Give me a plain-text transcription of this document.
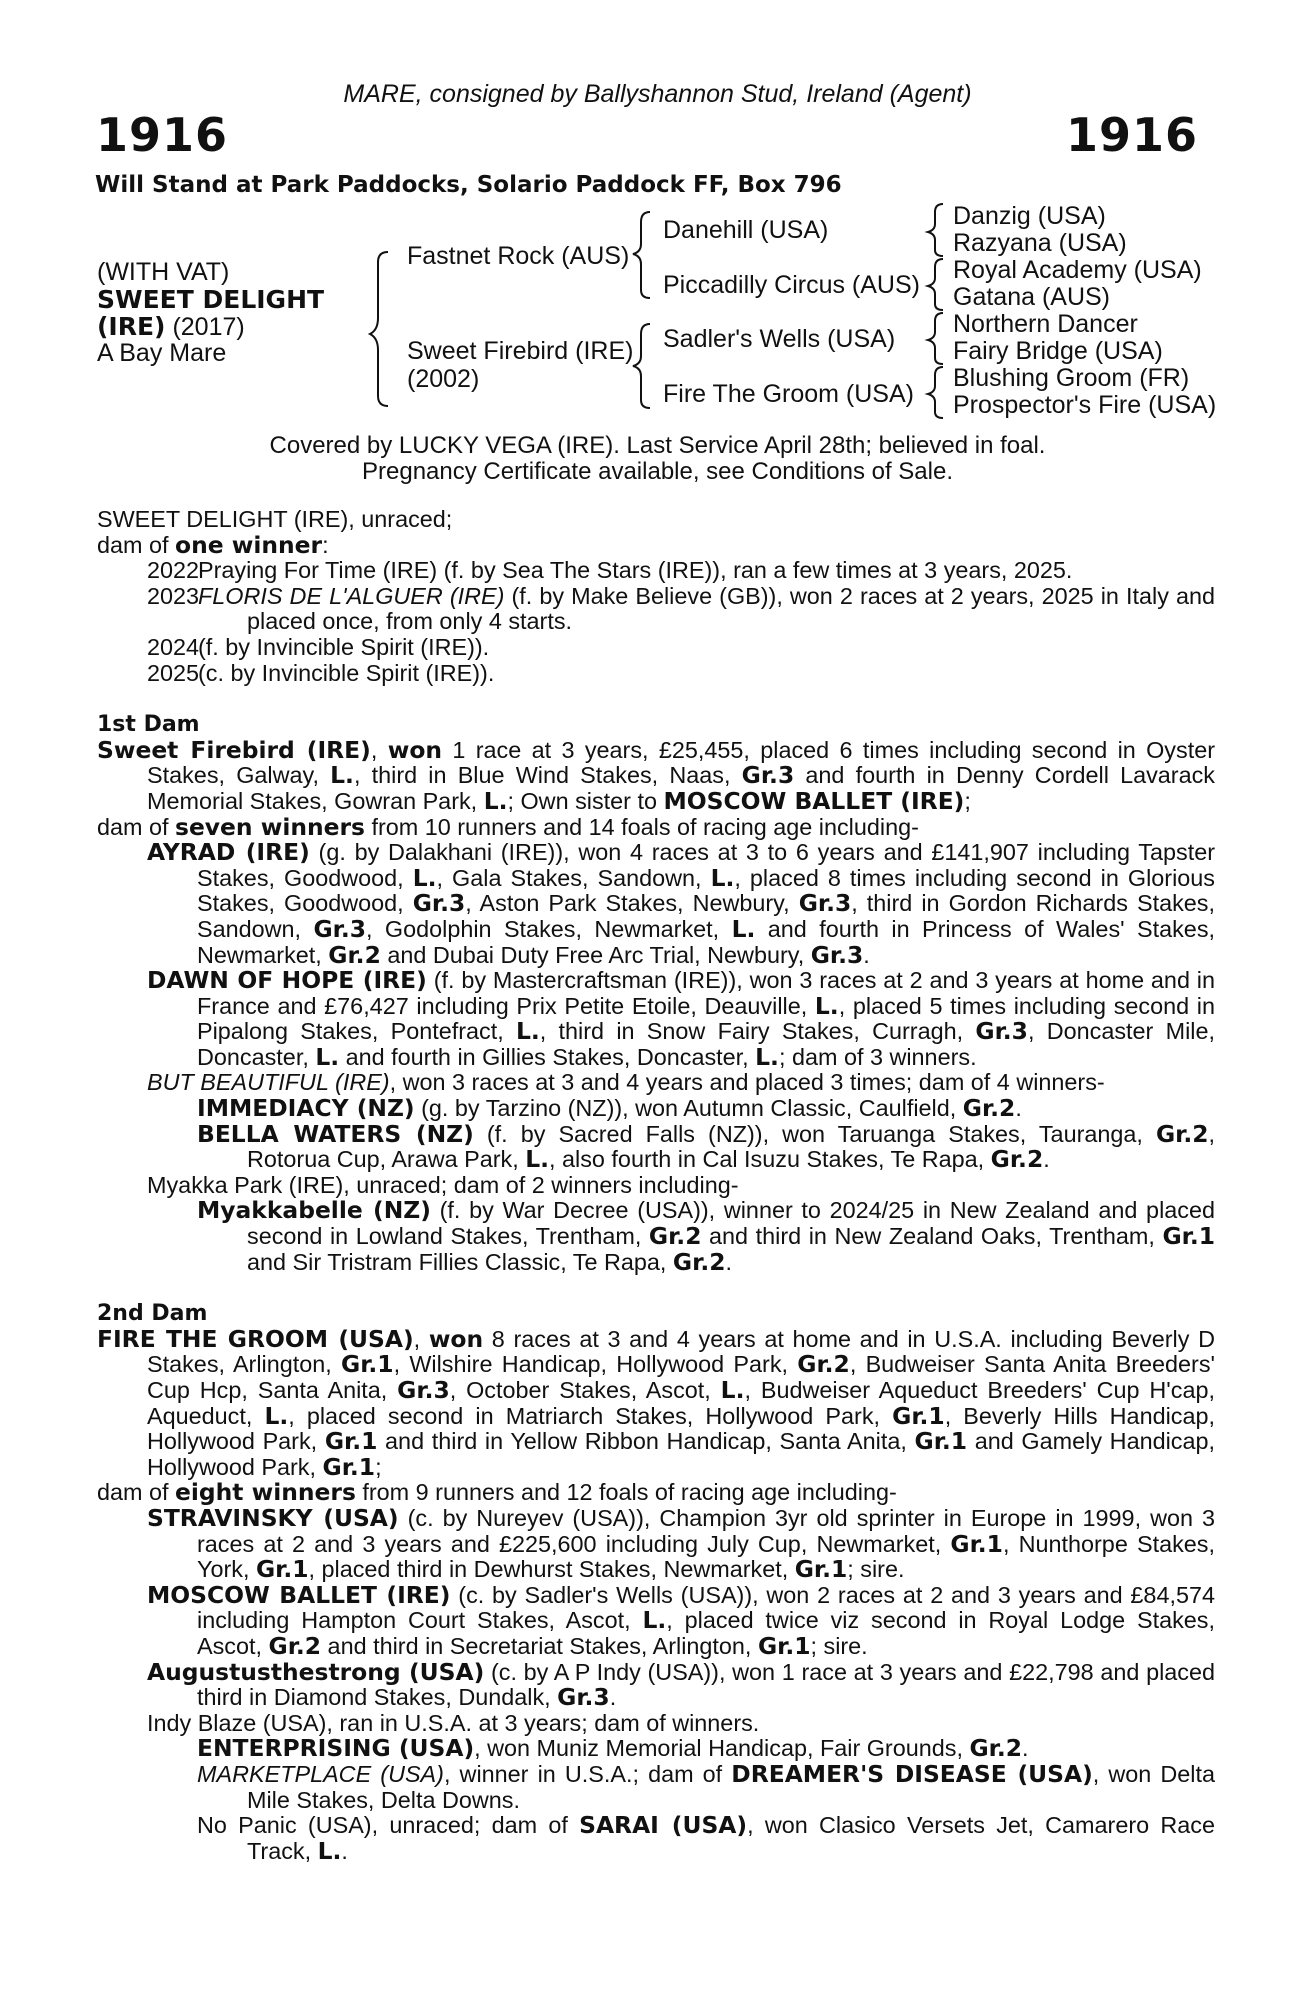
MARE, consigned by Ballyshannon Stud, Ireland (Agent)
1916	1916
Will Stand at Park Paddocks, Solario Paddock FF, Box 796
(WITH VAT)
SWEET DELIGHT
(IRE) (2017)
A Bay Mare
Fastnet Rock (AUS)
Sweet Firebird (IRE)
(2002)
Danehill (USA)
Piccadilly Circus (AUS)
Sadler's Wells (USA)
Fire The Groom (USA)
Danzig (USA)
Razyana (USA)
Royal Academy (USA)
Gatana (AUS)
Northern Dancer
Fairy Bridge (USA)
Blushing Groom (FR)
Prospector's Fire (USA)
Covered by LUCKY VEGA (IRE). Last Service April 28th; believed in foal.
Pregnancy Certificate available, see Conditions of Sale.

SWEET DELIGHT (IRE), unraced;

dam of one winner:

2022Praying For Time (IRE) (f. by Sea The Stars (IRE)), ran a few times at 3 years, 2025.

2023FLORIS DE L'ALGUER (IRE) (f. by Make Believe (GB)), won 2 races at 2 years, 2025 in Italy and placed once, from only 4 starts.

2024(f. by Invincible Spirit (IRE)).

2025(c. by Invincible Spirit (IRE)).

1st Dam

Sweet Firebird (IRE), won 1 race at 3 years, £25,455, placed 6 times including second in Oyster Stakes, Galway, L., third in Blue Wind Stakes, Naas, Gr.3 and fourth in Denny Cordell Lavarack Memorial Stakes, Gowran Park, L.; Own sister to MOSCOW BALLET (IRE);

dam of seven winners from 10 runners and 14 foals of racing age including-

AYRAD (IRE) (g. by Dalakhani (IRE)), won 4 races at 3 to 6 years and £141,907 including Tapster Stakes, Goodwood, L., Gala Stakes, Sandown, L., placed 8 times including second in Glorious Stakes, Goodwood, Gr.3, Aston Park Stakes, Newbury, Gr.3, third in Gordon Richards Stakes, Sandown, Gr.3, Godolphin Stakes, Newmarket, L. and fourth in Princess of Wales' Stakes, Newmarket, Gr.2 and Dubai Duty Free Arc Trial, Newbury, Gr.3.

DAWN OF HOPE (IRE) (f. by Mastercraftsman (IRE)), won 3 races at 2 and 3 years at home and in France and £76,427 including Prix Petite Etoile, Deauville, L., placed 5 times including second in Pipalong Stakes, Pontefract, L., third in Snow Fairy Stakes, Curragh, Gr.3, Doncaster Mile, Doncaster, L. and fourth in Gillies Stakes, Doncaster, L.; dam of 3 winners.

BUT BEAUTIFUL (IRE), won 3 races at 3 and 4 years and placed 3 times; dam of 4 winners-

IMMEDIACY (NZ) (g. by Tarzino (NZ)), won Autumn Classic, Caulfield, Gr.2.

BELLA WATERS (NZ) (f. by Sacred Falls (NZ)), won Taruanga Stakes, Tauranga, Gr.2, Rotorua Cup, Arawa Park, L., also fourth in Cal Isuzu Stakes, Te Rapa, Gr.2.

Myakka Park (IRE), unraced; dam of 2 winners including-

Myakkabelle (NZ) (f. by War Decree (USA)), winner to 2024/25 in New Zealand and placed second in Lowland Stakes, Trentham, Gr.2 and third in New Zealand Oaks, Trentham, Gr.1 and Sir Tristram Fillies Classic, Te Rapa, Gr.2.

2nd Dam

FIRE THE GROOM (USA), won 8 races at 3 and 4 years at home and in U.S.A. including Beverly D Stakes, Arlington, Gr.1, Wilshire Handicap, Hollywood Park, Gr.2, Budweiser Santa Anita Breeders' Cup Hcp, Santa Anita, Gr.3, October Stakes, Ascot, L., Budweiser Aqueduct Breeders' Cup H'cap, Aqueduct, L., placed second in Matriarch Stakes, Hollywood Park, Gr.1, Beverly Hills Handicap, Hollywood Park, Gr.1 and third in Yellow Ribbon Handicap, Santa Anita, Gr.1 and Gamely Handicap, Hollywood Park, Gr.1;

dam of eight winners from 9 runners and 12 foals of racing age including-

STRAVINSKY (USA) (c. by Nureyev (USA)), Champion 3yr old sprinter in Europe in 1999, won 3 races at 2 and 3 years and £225,600 including July Cup, Newmarket, Gr.1, Nunthorpe Stakes, York, Gr.1, placed third in Dewhurst Stakes, Newmarket, Gr.1; sire.

MOSCOW BALLET (IRE) (c. by Sadler's Wells (USA)), won 2 races at 2 and 3 years and £84,574 including Hampton Court Stakes, Ascot, L., placed twice viz second in Royal Lodge Stakes, Ascot, Gr.2 and third in Secretariat Stakes, Arlington, Gr.1; sire.

Augustusthestrong (USA) (c. by A P Indy (USA)), won 1 race at 3 years and £22,798 and placed third in Diamond Stakes, Dundalk, Gr.3.

Indy Blaze (USA), ran in U.S.A. at 3 years; dam of winners.

ENTERPRISING (USA), won Muniz Memorial Handicap, Fair Grounds, Gr.2.

MARKETPLACE (USA), winner in U.S.A.; dam of DREAMER'S DISEASE (USA), won Delta Mile Stakes, Delta Downs.

No Panic (USA), unraced; dam of SARAI (USA), won Clasico Versets Jet, Camarero Race Track, L..
